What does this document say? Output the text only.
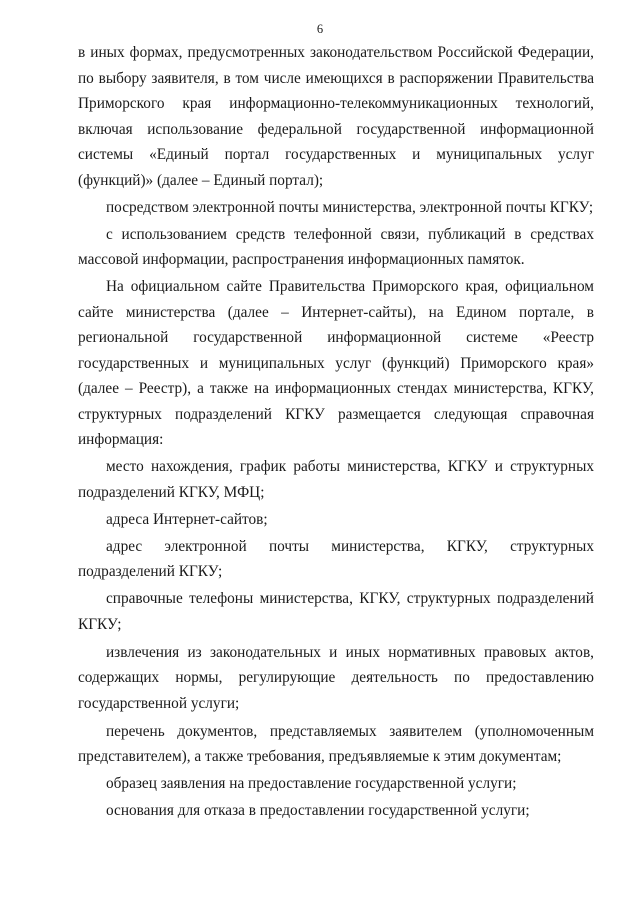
6

в иных формах, предусмотренных законодательством Российской Федерации, по выбору заявителя, в том числе имеющихся в распоряжении Правительства Приморского края информационно-телекоммуникационных технологий, включая использование федеральной государственной информационной системы «Единый портал государственных и муниципальных услуг (функций)» (далее – Единый портал);

посредством электронной почты министерства, электронной почты КГКУ;

с использованием средств телефонной связи, публикаций в средствах массовой информации, распространения информационных памяток.

На официальном сайте Правительства Приморского края, официальном сайте министерства (далее – Интернет-сайты), на Едином портале, в региональной государственной информационной системе «Реестр государственных и муниципальных услуг (функций) Приморского края» (далее – Реестр), а также на информационных стендах министерства, КГКУ, структурных подразделений КГКУ размещается следующая справочная информация:

место нахождения, график работы министерства, КГКУ и структурных подразделений КГКУ, МФЦ;

адреса Интернет-сайтов;

адрес электронной почты министерства, КГКУ, структурных подразделений КГКУ;

справочные телефоны министерства, КГКУ, структурных подразделений КГКУ;

извлечения из законодательных и иных нормативных правовых актов, содержащих нормы, регулирующие деятельность по предоставлению государственной услуги;

перечень документов, представляемых заявителем (уполномоченным представителем), а также требования, предъявляемые к этим документам;

образец заявления на предоставление государственной услуги;

основания для отказа в предоставлении государственной услуги;
